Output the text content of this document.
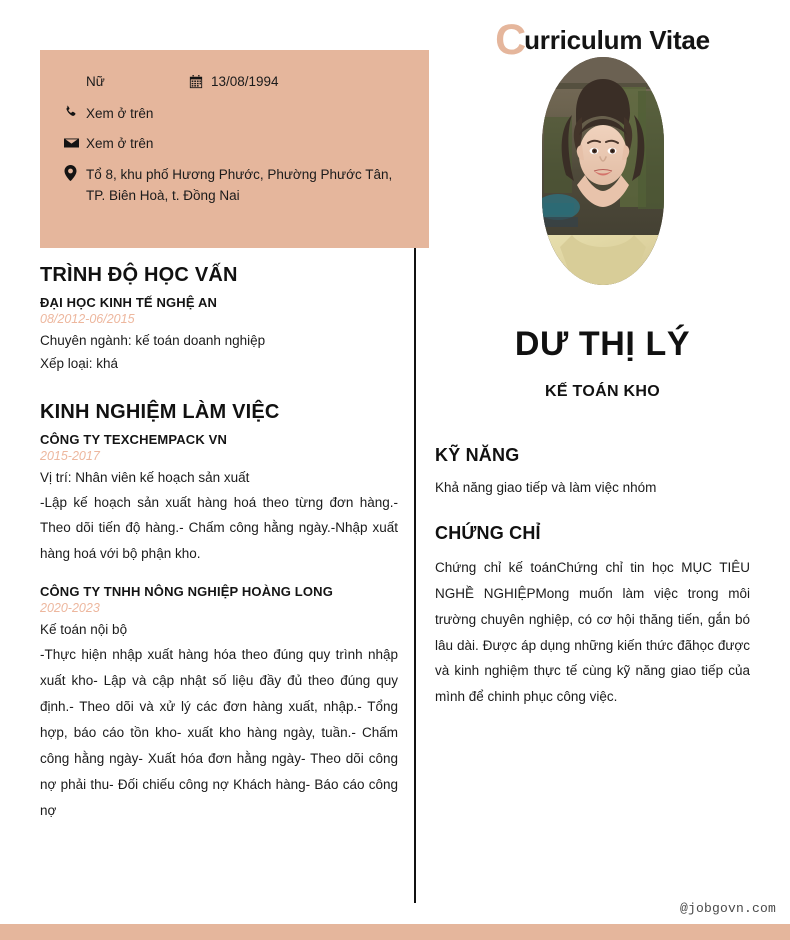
Nữ	13/08/1994
Xem ở trên
Xem ở trên
Tổ 8, khu phố Hương Phước, Phường Phước Tân, TP. Biên Hoà, t. Đồng Nai
TRÌNH ĐỘ HỌC VẤN
ĐẠI HỌC KINH TẾ NGHỆ AN
08/2012-06/2015
Chuyên ngành: kế toán doanh nghiệp
Xếp loại: khá
KINH NGHIỆM LÀM VIỆC
CÔNG TY TEXCHEMPACK VN
2015-2017
Vị trí: Nhân viên kế hoạch sản xuất
-Lập kế hoạch sản xuất hàng hoá theo từng đơn hàng.- Theo dõi tiến độ hàng.- Chấm công hằng ngày.-Nhập xuất hàng hoá với bộ phận kho.
CÔNG TY TNHH NÔNG NGHIỆP HOÀNG LONG
2020-2023
Kế toán nội bộ
-Thực hiện nhập xuất hàng hóa theo đúng quy trình nhập xuất kho- Lập và cập nhật số liệu đầy đủ theo đúng quy định.- Theo dõi và xử lý các đơn hàng xuất, nhập.- Tổng hợp, báo cáo tồn kho- xuất kho hàng ngày, tuần.- Chấm công hằng ngày- Xuất hóa đơn hằng ngày- Theo dõi công nợ phải thu- Đối chiếu công nợ Khách hàng- Báo cáo công nợ
C
urriculum Vitae
DƯ THỊ LÝ
KẾ TOÁN KHO
KỸ NĂNG
Khả năng giao tiếp và làm việc nhóm
CHỨNG CHỈ
Chứng chỉ kế toánChứng chỉ tin học MỤC TIÊU NGHỀ NGHIỆPMong muốn làm việc trong môi trường chuyên nghiệp, có cơ hội thăng tiến, gắn bó lâu dài. Được áp dụng những kiến thức đãhọc được và kinh nghiệm thực tế cùng kỹ năng giao tiếp của mình để chinh phục công việc.
@jobgovn.com
